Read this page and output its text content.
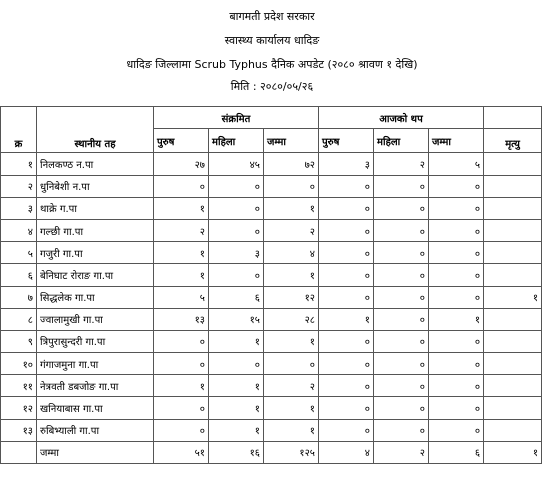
बागमती प्रदेश सरकार
स्वास्थ्य कार्यालय धादिङ
धादिङ जिल्लामा Scrub Typhus दैनिक अपडेट (२०८० श्रावण १ देखि)
मिति : २०८०/०५/२६
क्र	स्थानीय तह	संक्रमित			आजको थप			
		पुरुष	महिला	जम्मा	पुरुष	महिला	जम्मा	मृत्यु
१	निलकण्ठ न.पा	२७	४५	७२	३	२	५	
२	धुनिबेशी न.पा	०	०	०	०	०	०	
३	थाक्रे ग.पा	१	०	१	०	०	०	
४	गल्छी गा.पा	२	०	२	०	०	०	
५	गजुरी गा.पा	१	३	४	०	०	०	
६	बेनिघाट रोराङ गा.पा	१	०	१	०	०	०	
७	सिद्धलेक गा.पा	५	६	१२	०	०	०	१
८	ज्वालामुखी गा.पा	१३	१५	२८	१	०	१	
९	त्रिपुरासुन्दरी गा.पा	०	१	१	०	०	०	
१०	गंगाजमुना गा.पा	०	०	०	०	०	०	
११	नेत्रवती डबजोङ गा.पा	१	१	२	०	०	०	
१२	खनियाबास गा.पा	०	१	१	०	०	०	
१३	रुबिभ्याली गा.पा	०	१	१	०	०	०	
	जम्मा	५१	१६	१२५	४	२	६	१
